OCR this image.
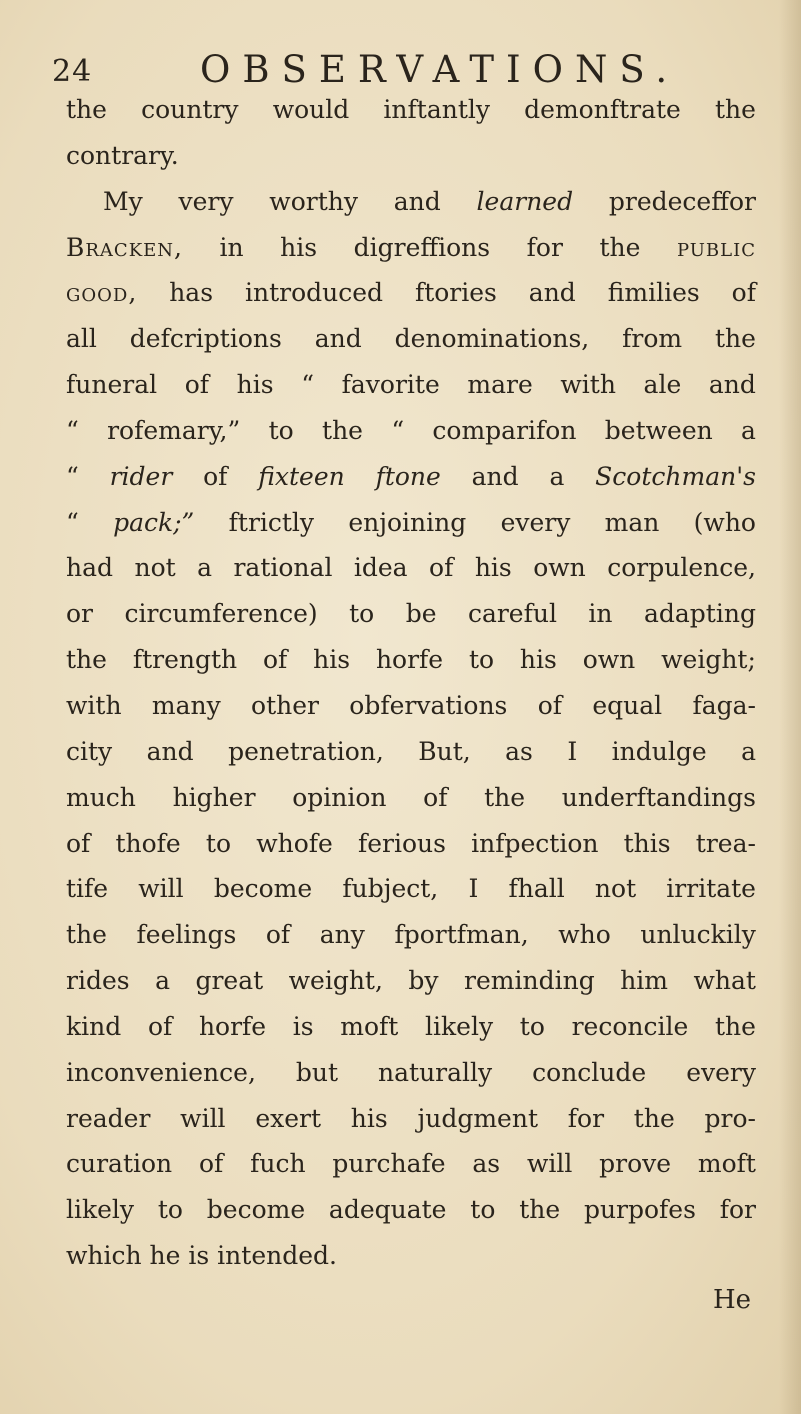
24	OBSERVATIONS.
the country would inftantly demonftrate the
contrary.
My very worthy and learned predeceffor
Bracken, in his digreffions for the public
good, has introduced ftories and fimilies of
all defcriptions and denominations, from the
funeral of his “ favorite mare with ale and
“ rofemary,” to the “ comparifon between a
“ rider of fixteen ftone and a Scotchman's
“ pack;” ftrictly enjoining every man (who
had not a rational idea of his own corpulence,
or circumference) to be careful in adapting
the ftrength of his horfe to his own weight;
with many other obfervations of equal faga-
city and penetration, But, as I indulge a
much higher opinion of the underftandings
of thofe to whofe ferious infpection this trea-
tife will become fubject, I fhall not irritate
the feelings of any fportfman, who unluckily
rides a great weight, by reminding him what
kind of horfe is moft likely to reconcile the
inconvenience, but naturally conclude every
reader will exert his judgment for the pro-
curation of fuch purchafe as will prove moft
likely to become adequate to the purpofes for
which he is intended.
He
